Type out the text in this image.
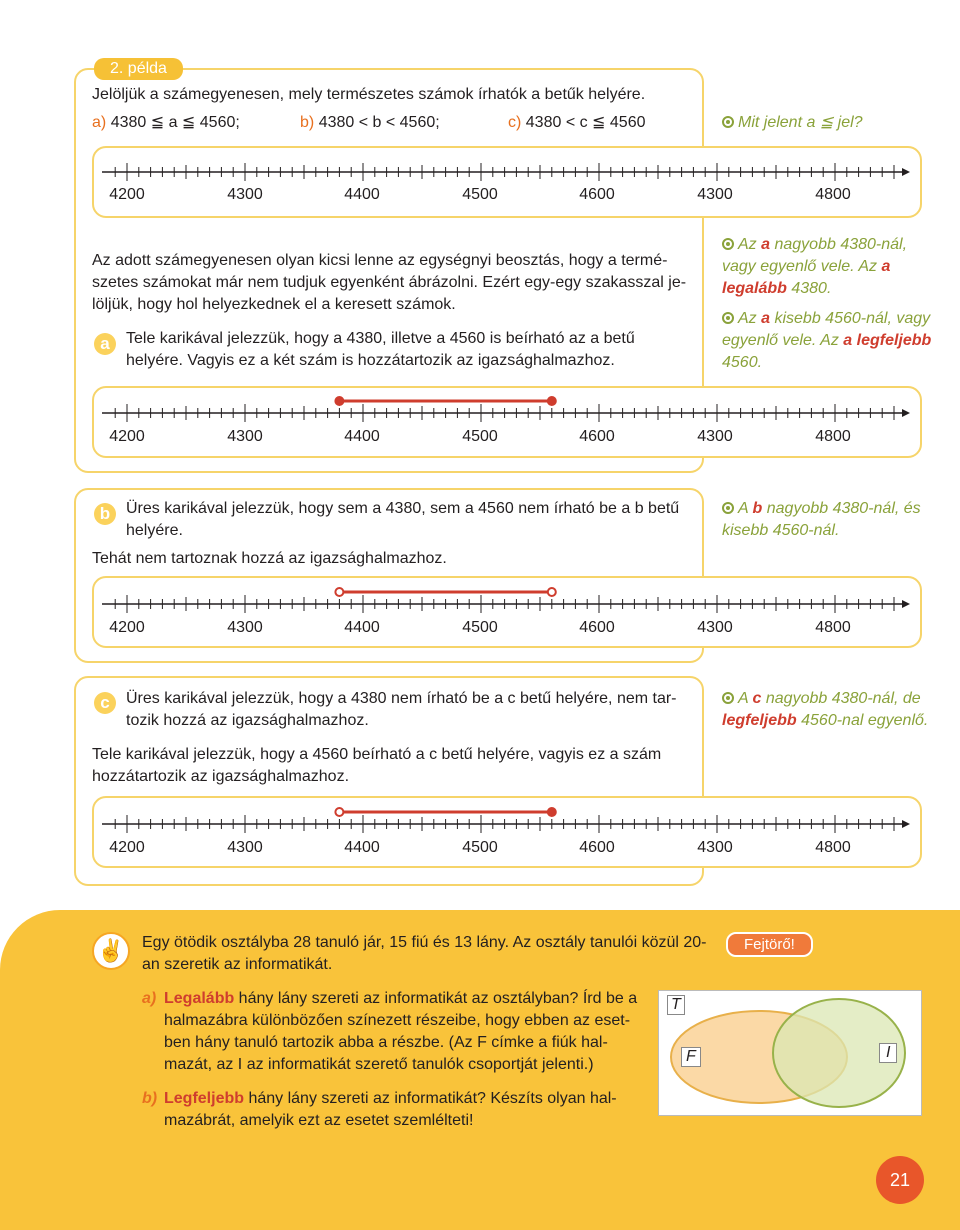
2. példa
Jelöljük a számegyenesen, mely természetes számok írhatók a betűk helyére.
a) 4380 ≦ a ≦ 4560;	b) 4380 < b < 4560;	c) 4380 < c ≦ 4560	Mit jelent a ≦ jel?
4200	4300	4400	4500	4600	4300	4800
Az adott számegyenesen olyan kicsi lenne az egységnyi beosztás, hogy a termé-szetes számokat már nem tudjuk egyenként ábrázolni. Ezért egy-egy szakasszal je-löljük, hogy hol helyezkednek el a keresett számok.
a	Tele karikával jelezzük, hogy a 4380, illetve a 4560 is beírható az a betű helyére. Vagyis ez a két szám is hozzátartozik az igazsághalmazhoz.
Az a nagyobb 4380-nál, vagy egyenlő vele. Az a legalább 4380.
Az a kisebb 4560-nál, vagy egyenlő vele. Az a legfeljebb 4560.
4200	4300	4400	4500	4600	4300	4800
b Üres karikával jelezzük, hogy sem a 4380, sem a 4560 nem írható be a b betű helyére.
Tehát nem tartoznak hozzá az igazsághalmazhoz.
A b nagyobb 4380-nál, és kisebb 4560-nál.
4200	4300	4400	4500	4600	4300	4800
c	Üres karikával jelezzük, hogy a 4380 nem írható be a c betű helyére, nem tar-tozik hozzá az igazsághalmazhoz.
Tele karikával jelezzük, hogy a 4560 beírható a c betű helyére, vagyis ez a szám hozzátartozik az igazsághalmazhoz.
A c nagyobb 4380-nál, de legfeljebb 4560-nal egyenlő.
4200	4300	4400	4500	4600	4300	4800
✌	Egy ötödik osztályba 28 tanuló jár, 15 fiú és 13 lány. Az osztály tanulói közül 20-an szeretik az informatikát.
Fejtörő!
a) Legalább hány lány szereti az informatikát az osztályban? Írd be a halmazábra különbözően színezett részeibe, hogy ebben az eset-ben hány tanuló tartozik abba a részbe. (Az F címke a fiúk hal-mazát, az I az informatikát szerető tanulók csoportját jelenti.)
b) Legfeljebb hány lány szereti az informatikát? Készíts olyan hal-mazábrát, amelyik ezt az esetet szemlélteti!
T
F	I
21
